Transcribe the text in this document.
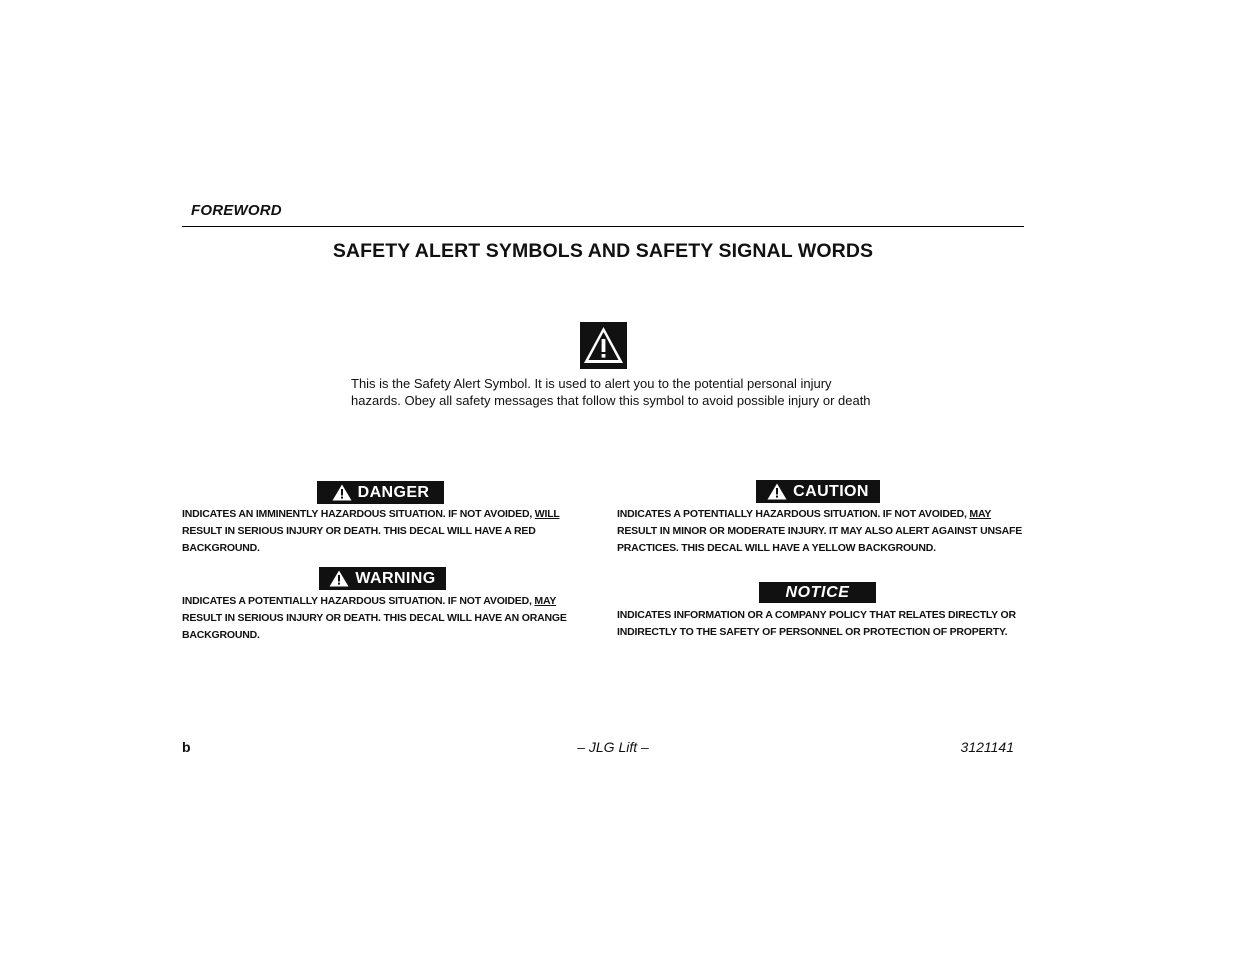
FOREWORD
SAFETY ALERT SYMBOLS AND SAFETY SIGNAL WORDS
This is the Safety Alert Symbol. It is used to alert you to the potential personal injury hazards. Obey all safety messages that follow this symbol to avoid possible injury or death
DANGER
INDICATES AN IMMINENTLY HAZARDOUS SITUATION. IF NOT AVOIDED, WILL RESULT IN SERIOUS INJURY OR DEATH. THIS DECAL WILL HAVE A RED BACKGROUND.
CAUTION
INDICATES A POTENTIALLY HAZARDOUS SITUATION. IF NOT AVOIDED, MAY RESULT IN MINOR OR MODERATE INJURY. IT MAY ALSO ALERT AGAINST UNSAFE PRACTICES. THIS DECAL WILL HAVE A YELLOW BACKGROUND.
WARNING
INDICATES A POTENTIALLY HAZARDOUS SITUATION. IF NOT AVOIDED, MAY RESULT IN SERIOUS INJURY OR DEATH. THIS DECAL WILL HAVE AN ORANGE BACKGROUND.
NOTICE
INDICATES INFORMATION OR A COMPANY POLICY THAT RELATES DIRECTLY OR INDIRECTLY TO THE SAFETY OF PERSONNEL OR PROTECTION OF PROPERTY.
b	– JLG Lift –	3121141
